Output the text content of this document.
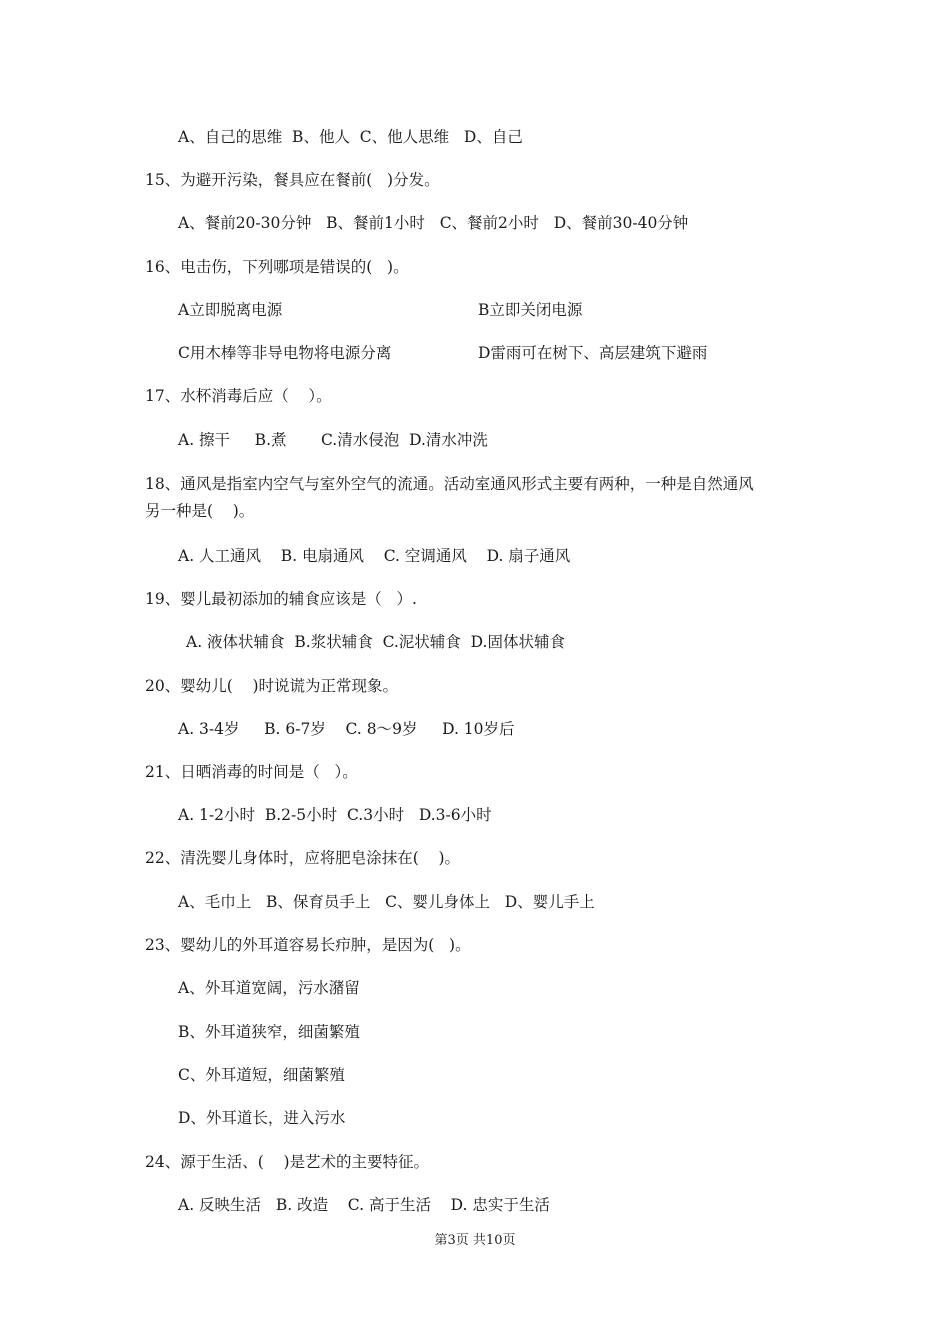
A、自己的思维  B、他人  C、他人思维   D、自己
15、为避开污染，餐具应在餐前(   )分发。
A、餐前20-30分钟   B、餐前1小时   C、餐前2小时   D、餐前30-40分钟
16、电击伤，下列哪项是错误的(   )。
A立即脱离电源	B立即关闭电源
C用木棒等非导电物将电源分离	D雷雨可在树下、高层建筑下避雨
17、水杯消毒后应（    ）。
A. 擦干     B.煮       C.清水侵泡  D.清水冲洗
18、通风是指室内空气与室外空气的流通。活动室通风形式主要有两种，一种是自然通风
另一种是(    )。
A. 人工通风    B. 电扇通风    C. 空调通风    D. 扇子通风
19、婴儿最初添加的辅食应该是（   ）.
A. 液体状辅食  B.浆状辅食  C.泥状辅食  D.固体状辅食
20、婴幼儿(    )时说谎为正常现象。
A. 3-4岁     B. 6-7岁    C. 8～9岁     D. 10岁后
21、日晒消毒的时间是（   ）。
A. 1-2小时  B.2-5小时  C.3小时   D.3-6小时
22、清洗婴儿身体时，应将肥皂涂抹在(    )。
A、毛巾上   B、保育员手上   C、婴儿身体上   D、婴儿手上
23、婴幼儿的外耳道容易长疖肿，是因为(   )。
A、外耳道宽阔，污水潴留
B、外耳道狭窄，细菌繁殖
C、外耳道短，细菌繁殖
D、外耳道长，进入污水
24、源于生活、(    )是艺术的主要特征。
A. 反映生活   B. 改造    C. 高于生活    D. 忠实于生活
第3页 共10页
